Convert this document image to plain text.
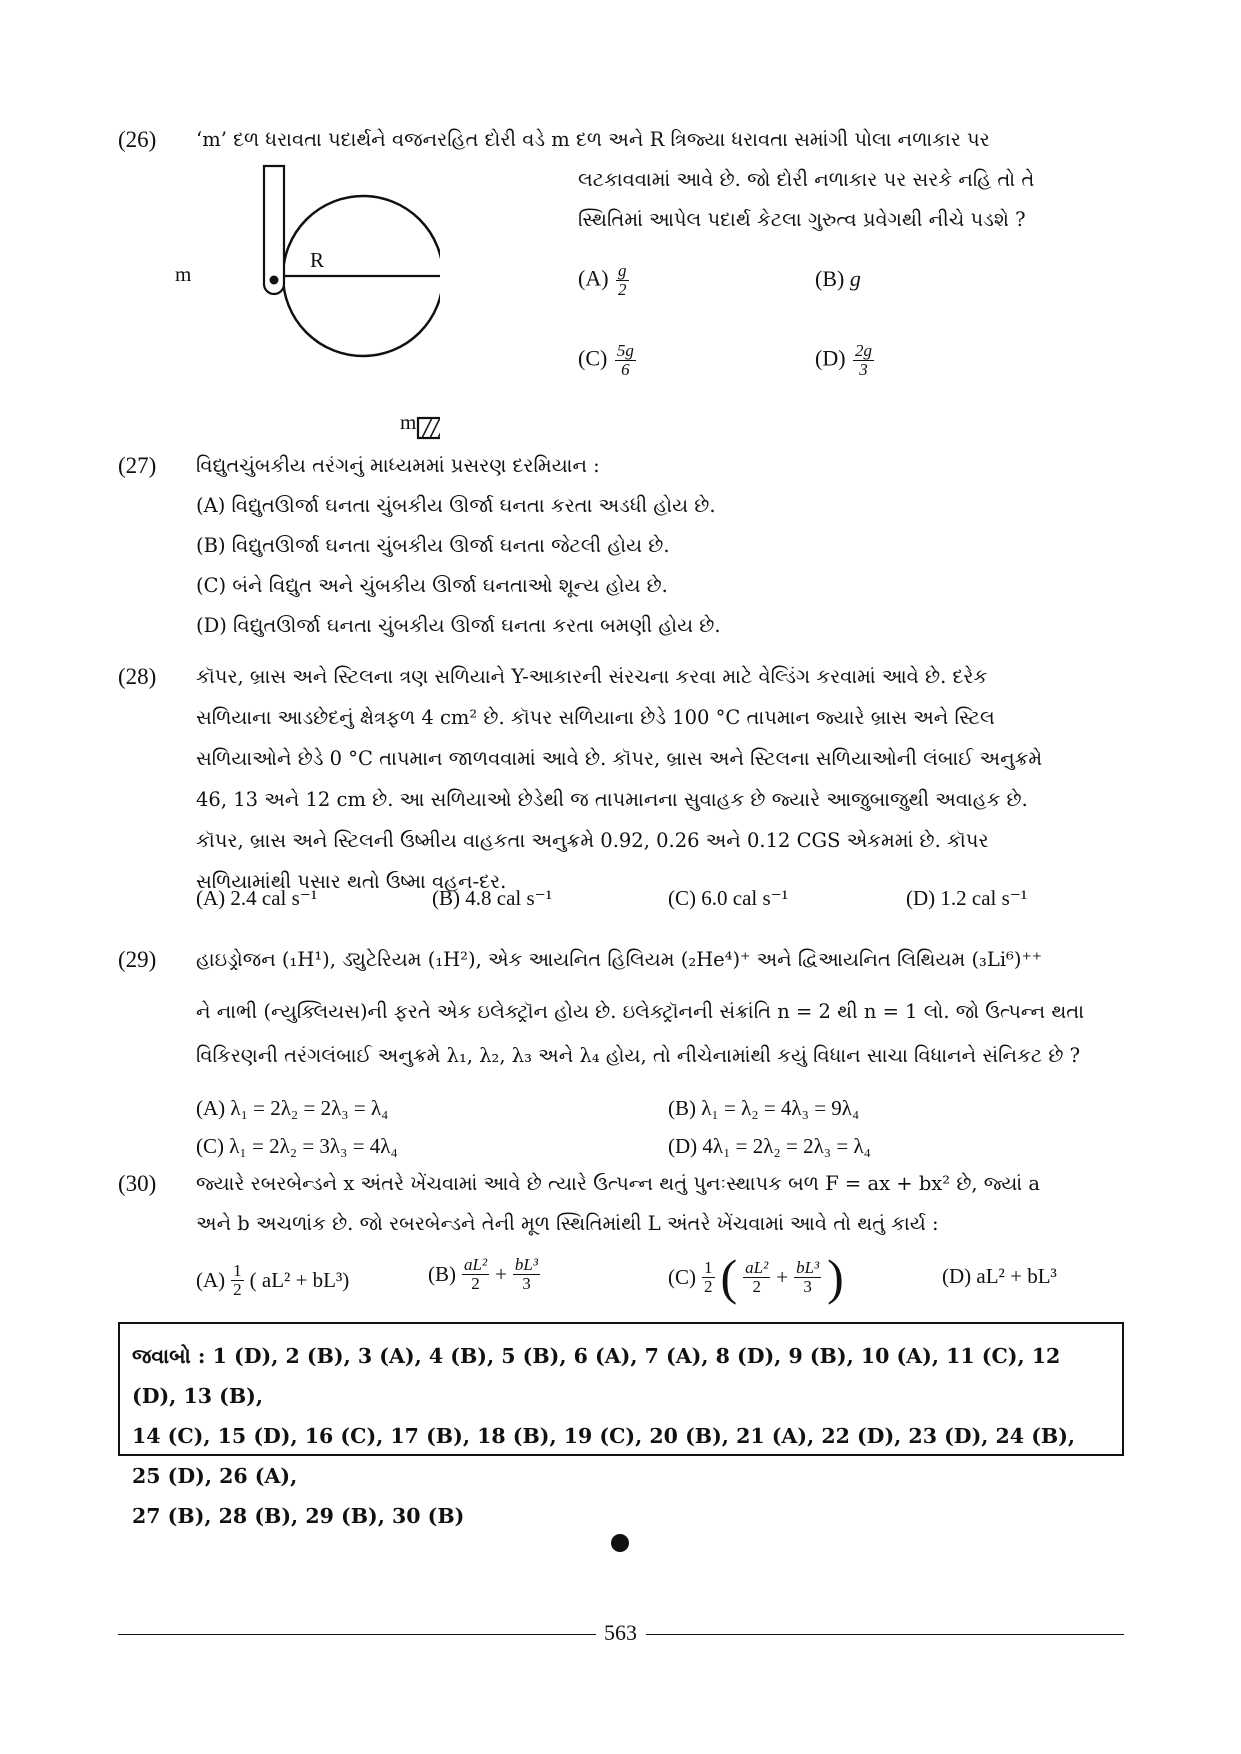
(26) ‘m’ દળ ધરાવતા પદાર્થને વજનરહિત દોરી વડે m દળ અને R ત્રિજ્યા ધરાવતા સમાંગી પોલા નળાકાર પર
લટકાવવામાં આવે છે. જો દોરી નળાકાર પર સરકે નહિ તો તે
સ્થિતિમાં આપેલ પદાર્થ કેટલા ગુરુત્વ પ્રવેગથી નીચે પડશે ?
m
R
m
$(A) \frac{g}{2}$	(B) g
$(C) \frac{5g}{6}$	$(D) \frac{2g}{3}$
(27) વિદ્યુતચુંબકીય તરંગનું માધ્યમમાં પ્રસરણ દરમિયાન :
(A) વિદ્યુતઊર્જા ઘનતા ચુંબકીય ઊર્જા ઘનતા કરતા અડધી હોય છે.
(B) વિદ્યુતઊર્જા ઘનતા ચુંબકીય ઊર્જા ઘનતા જેટલી હોય છે.
(C) બંને વિદ્યુત અને ચુંબકીય ઊર્જા ઘનતાઓ શૂન્ય હોય છે.
(D) વિદ્યુતઊર્જા ઘનતા ચુંબકીય ઊર્જા ઘનતા કરતા બમણી હોય છે.
(28) કૉપર, બ્રાસ અને સ્ટિલના ત્રણ સળિયાને Y-આકારની સંરચના કરવા માટે વેલ્ડિંગ કરવામાં આવે છે. દરેક
સળિયાના આડછેદનું ક્ષેત્રફળ 4 cm² છે. કૉપર સળિયાના છેડે 100 °C તાપમાન જ્યારે બ્રાસ અને સ્ટિલ
સળિયાઓને છેડે 0 °C તાપમાન જાળવવામાં આવે છે. કૉપર, બ્રાસ અને સ્ટિલના સળિયાઓની લંબાઈ અનુક્રમે
46, 13 અને 12 cm છે. આ સળિયાઓ છેડેથી જ તાપમાનના સુવાહક છે જ્યારે આજુબાજુથી અવાહક છે.
કૉપર, બ્રાસ અને સ્ટિલની ઉષ્મીય વાહકતા અનુક્રમે 0.92, 0.26 અને 0.12 CGS એકમમાં છે. કૉપર
સળિયામાંથી પસાર થતો ઉષ્મા વહન-દર.
(A) 2.4 cal s⁻¹	(B) 4.8 cal s⁻¹	(C) 6.0 cal s⁻¹	(D) 1.2 cal s⁻¹
(29) હાઇડ્રોજન (₁H¹), ડ્યુટેરિયમ (₁H²), એક આયનિત હિલિયમ (₂He⁴)⁺ અને દ્વિઆયનિત લિથિયમ (₃Li⁶)⁺⁺
ને નાભી (ન્યુક્લિયસ)ની ફરતે એક ઇલેક્ટ્રૉન હોય છે. ઇલેક્ટ્રૉનની સંક્રાંતિ n = 2 થી n = 1 લો. જો ઉત્પન્ન થતા
વિકિરણની તરંગલંબાઈ અનુક્રમે λ₁, λ₂, λ₃ અને λ₄ હોય, તો નીચેનામાંથી કયું વિધાન સાચા વિધાનને સંનિકટ છે ?
(A) λ₁ = 2λ₂ = 2λ₃ = λ₄	(B) λ₁ = λ₂ = 4λ₃ = 9λ₄
(C) λ₁ = 2λ₂ = 3λ₃ = 4λ₄	(D) 4λ₁ = 2λ₂ = 2λ₃ = λ₄
(30) જ્યારે રબરબેન્ડને x અંતરે ખેંચવામાં આવે છે ત્યારે ઉત્પન્ન થતું પુનઃસ્થાપક બળ F = ax + bx² છે, જ્યાં a
અને b અચળાંક છે. જો રબરબેન્ડને તેની મૂળ સ્થિતિમાંથી L અંતરે ખેંચવામાં આવે તો થતું કાર્ય :
$(A) \frac{1}{2}$ ( aL² + bL³)	$(B) \frac{\text{aL²}}{2} + \frac{\text{bL³}}{3}$	$(C) \frac{1}{2}$ ( $\frac{\text{aL²}}{2} + \frac{\text{bL³}}{3}$ )	(D) aL² + bL³
જવાબો : 1 (D), 2 (B), 3 (A), 4 (B), 5 (B), 6 (A), 7 (A), 8 (D), 9 (B), 10 (A), 11 (C), 12 (D), 13 (B),
14 (C), 15 (D), 16 (C), 17 (B), 18 (B), 19 (C), 20 (B), 21 (A), 22 (D), 23 (D), 24 (B), 25 (D), 26 (A),
27 (B), 28 (B), 29 (B), 30 (B)
563
